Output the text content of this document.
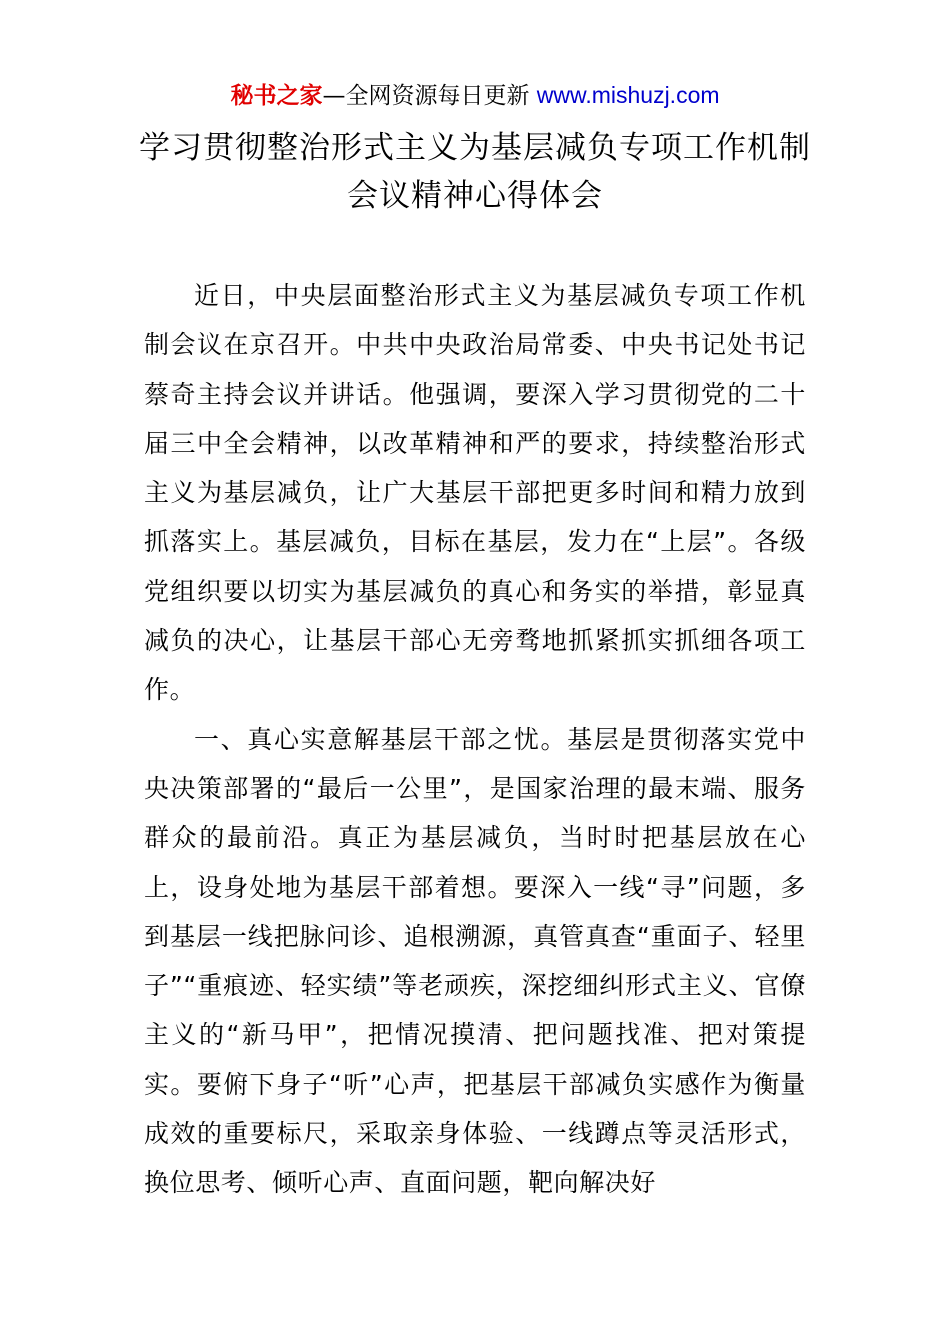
秘书之家—全网资源每日更新 www.mishuzj.com
学习贯彻整治形式主义为基层减负专项工作机制会议精神心得体会

近日，中央层面整治形式主义为基层减负专项工作机制会议在京召开。中共中央政治局常委、中央书记处书记蔡奇主持会议并讲话。他强调，要深入学习贯彻党的二十届三中全会精神，以改革精神和严的要求，持续整治形式主义为基层减负，让广大基层干部把更多时间和精力放到抓落实上。基层减负，目标在基层，发力在“上层”。各级党组织要以切实为基层减负的真心和务实的举措，彰显真减负的决心，让基层干部心无旁骛地抓紧抓实抓细各项工作。

一、真心实意解基层干部之忧。基层是贯彻落实党中央决策部署的“最后一公里”，是国家治理的最末端、服务群众的最前沿。真正为基层减负，当时时把基层放在心上，设身处地为基层干部着想。要深入一线“寻”问题，多到基层一线把脉问诊、追根溯源，真管真查“重面子、轻里子”“重痕迹、轻实绩”等老顽疾，深挖细纠形式主义、官僚主义的“新马甲”，把情况摸清、把问题找准、把对策提实。要俯下身子“听”心声，把基层干部减负实感作为衡量成效的重要标尺，采取亲身体验、一线蹲点等灵活形式，换位思考、倾听心声、直面问题，靶向解决好
